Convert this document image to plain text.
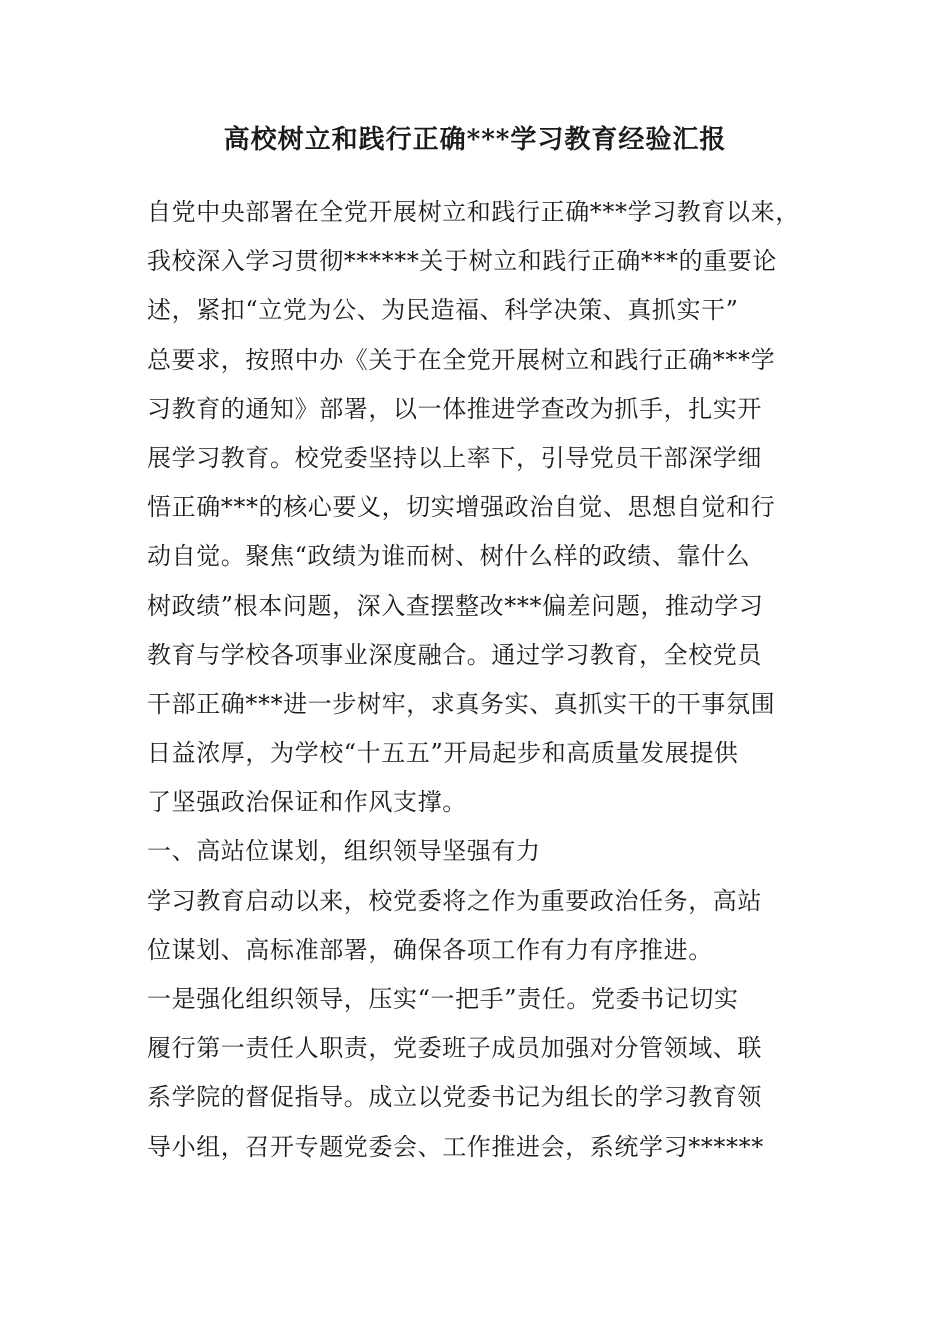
高校树立和践行正确***学习教育经验汇报
自党中央部署在全党开展树立和践行正确***学习教育以来，
我校深入学习贯彻******关于树立和践行正确***的重要论
述，紧扣“立党为公、为民造福、科学决策、真抓实干”
总要求，按照中办《关于在全党开展树立和践行正确***学
习教育的通知》部署，以一体推进学查改为抓手，扎实开
展学习教育。校党委坚持以上率下，引导党员干部深学细
悟正确***的核心要义，切实增强政治自觉、思想自觉和行
动自觉。聚焦“政绩为谁而树、树什么样的政绩、靠什么
树政绩”根本问题，深入查摆整改***偏差问题，推动学习
教育与学校各项事业深度融合。通过学习教育，全校党员
干部正确***进一步树牢，求真务实、真抓实干的干事氛围
日益浓厚，为学校“十五五”开局起步和高质量发展提供
了坚强政治保证和作风支撑。
一、高站位谋划，组织领导坚强有力
学习教育启动以来，校党委将之作为重要政治任务，高站
位谋划、高标准部署，确保各项工作有力有序推进。
一是强化组织领导，压实“一把手”责任。党委书记切实
履行第一责任人职责，党委班子成员加强对分管领域、联
系学院的督促指导。成立以党委书记为组长的学习教育领
导小组，召开专题党委会、工作推进会，系统学习******
